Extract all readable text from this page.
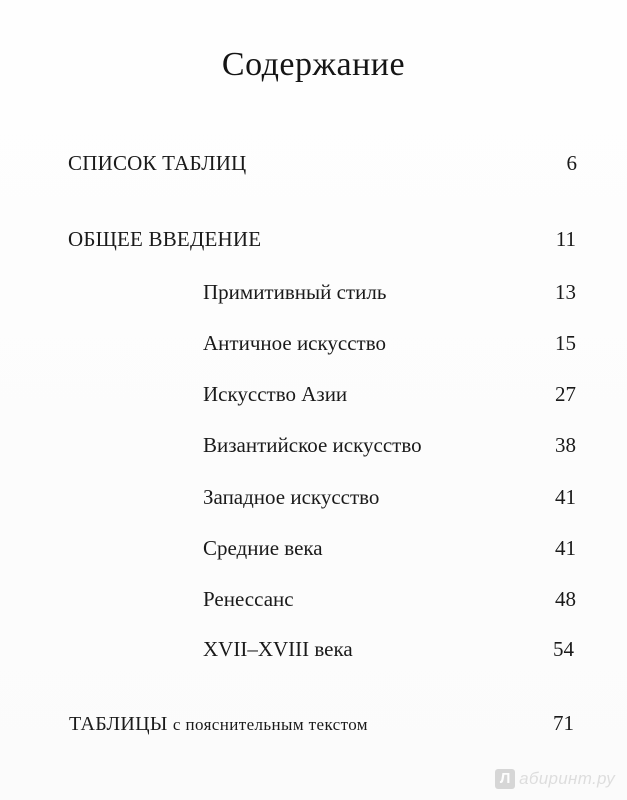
Содержание
СПИСОК ТАБЛИЦ	6
ОБЩЕЕ ВВЕДЕНИЕ	11
Примитивный стиль	13
Античное искусство	15
Искусство Азии	27
Византийское искусство	38
Западное искусство	41
Средние века	41
Ренессанс	48
XVII–XVIII века	54
ТАБЛИЦЫ с пояснительным текстом	71
Л абиринт.ру
